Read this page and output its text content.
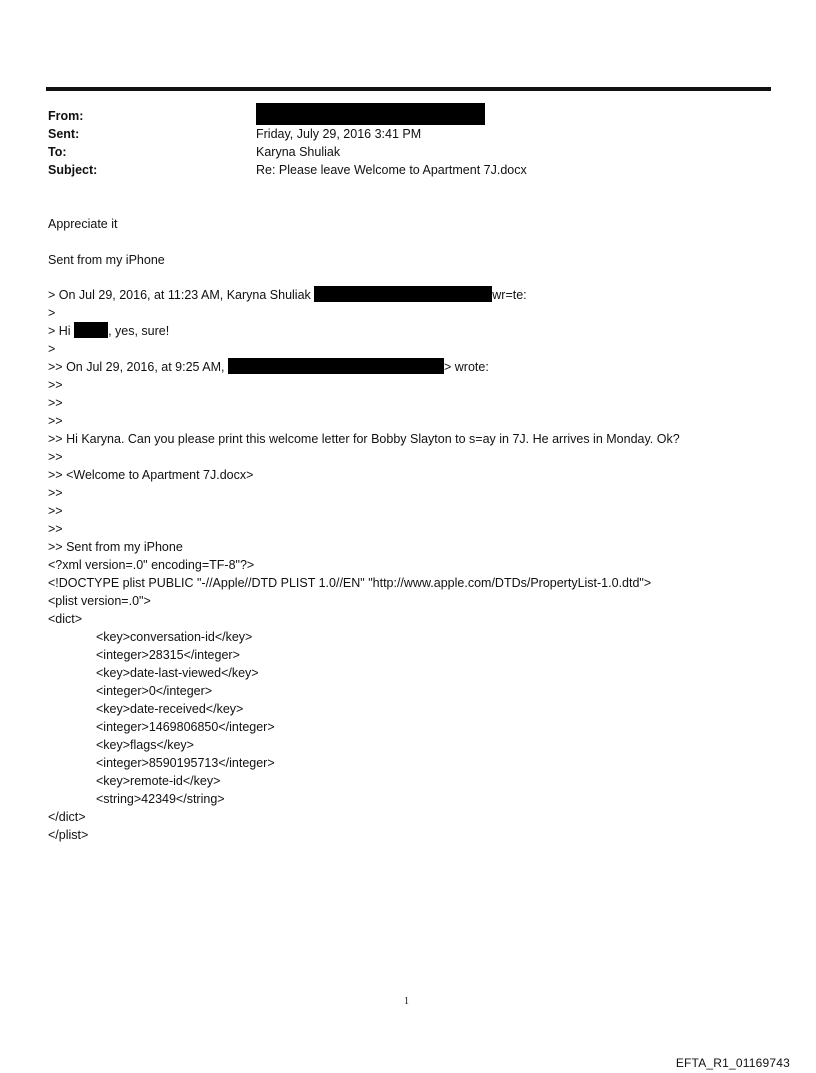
From:
Sent:	Friday, July 29, 2016 3:41 PM
To:	Karyna Shuliak
Subject:	Re: Please leave Welcome to Apartment 7J.docx
Appreciate it
Sent from my iPhone
> On Jul 29, 2016, at 11:23 AM, Karyna Shuliak	wr=te:
>
> Hi	, yes, sure!
>
>> On Jul 29, 2016, at 9:25 AM,	> wrote:
>>
>>
>>
>> Hi Karyna. Can you please print this welcome letter for Bobby Slayton to s=ay in 7J. He arrives in Monday. Ok?
>>
>> <Welcome to Apartment 7J.docx>
>>
>>
>>
>> Sent from my iPhone
<?xml version=.0" encoding=TF-8"?>
<!DOCTYPE plist PUBLIC "-//Apple//DTD PLIST 1.0//EN" "http://www.apple.com/DTDs/PropertyList-1.0.dtd">
<plist version=.0">
<dict>
<key>conversation-id</key>
<integer>28315</integer>
<key>date-last-viewed</key>
<integer>0</integer>
<key>date-received</key>
<integer>1469806850</integer>
<key>flags</key>
<integer>8590195713</integer>
<key>remote-id</key>
<string>42349</string>
</dict>
</plist>
1
EFTA_R1_01169743
